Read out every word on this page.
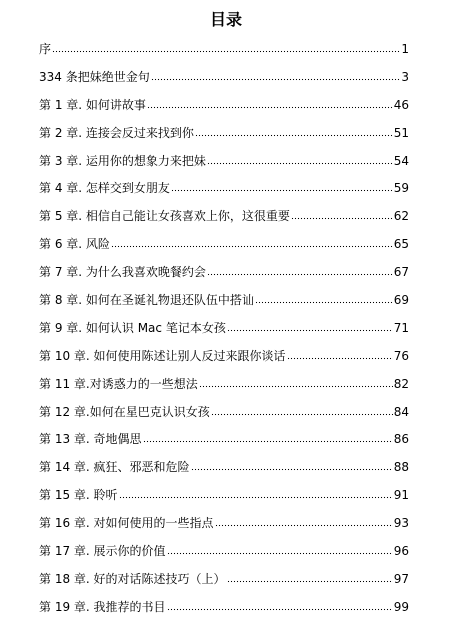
目录
序	1
334 条把妹绝世金句	3
第 1 章. 如何讲故事	46
第 2 章. 连接会反过来找到你	51
第 3 章. 运用你的想象力来把妹	54
第 4 章. 怎样交到女朋友	59
第 5 章. 相信自己能让女孩喜欢上你，这很重要	62
第 6 章. 风险	65
第 7 章. 为什么我喜欢晚餐约会	67
第 8 章. 如何在圣诞礼物退还队伍中搭讪	69
第 9 章. 如何认识 Mac 笔记本女孩	71
第 10 章. 如何使用陈述让别人反过来跟你谈话	76
第 11 章.对诱惑力的一些想法	82
第 12 章.如何在星巴克认识女孩	84
第 13 章. 奇地偶思	86
第 14 章. 疯狂、邪恶和危险	88
第 15 章. 聆听	91
第 16 章. 对如何使用的一些指点	93
第 17 章. 展示你的价值	96
第 18 章. 好的对话陈述技巧（上）	97
第 19 章. 我推荐的书目	99
